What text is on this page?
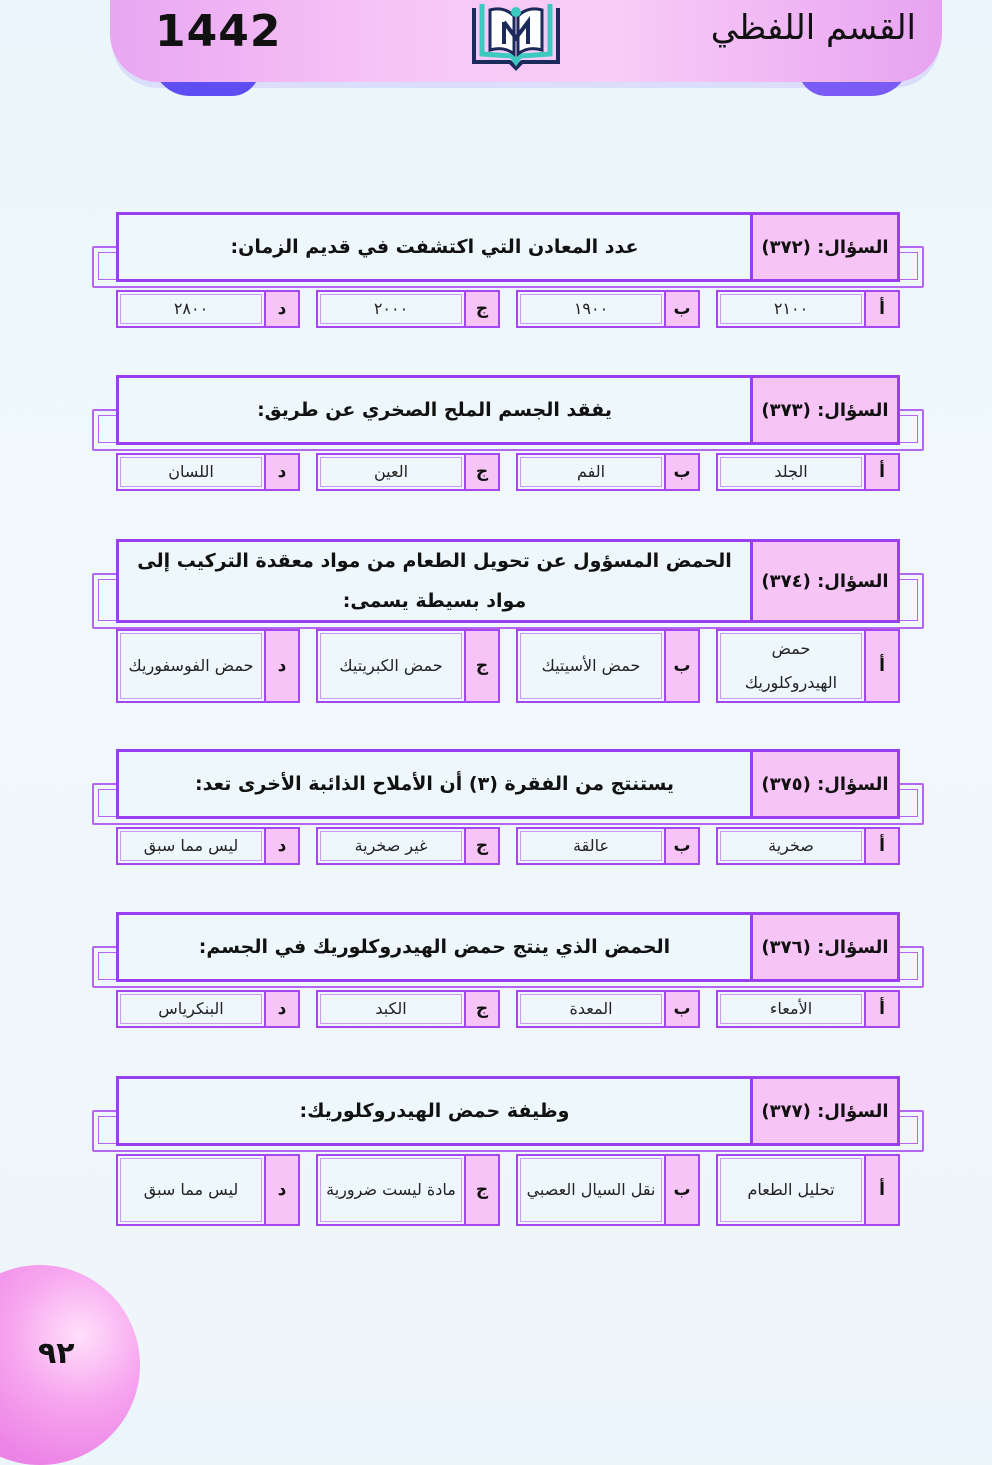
1442	القسم اللفظي
السؤال: (٣٧٢)
عدد المعادن التي اكتشفت في قديم الزمان:
أ
٢١٠٠
ب
١٩٠٠
ج
٢٠٠٠
د
٢٨٠٠
السؤال: (٣٧٣)
يفقد الجسم الملح الصخري عن طريق:
أ
الجلد
ب
الفم
ج
العين
د
اللسان
السؤال: (٣٧٤)
الحمض المسؤول عن تحويل الطعام من مواد معقدة التركيب إلى مواد بسيطة يسمى:
أ
حمض الهيدروكلوريك
ب
حمض الأسيتيك
ج
حمض الكبريتيك
د
حمض الفوسفوريك
السؤال: (٣٧٥)
يستنتج من الفقرة (٣) أن الأملاح الذائبة الأخرى تعد:
أ
صخرية
ب
عالقة
ج
غير صخرية
د
ليس مما سبق
السؤال: (٣٧٦)
الحمض الذي ينتج حمض الهيدروكلوريك في الجسم:
أ
الأمعاء
ب
المعدة
ج
الكبد
د
البنكرياس
السؤال: (٣٧٧)
وظيفة حمض الهيدروكلوريك:
أ
تحليل الطعام
ب
نقل السيال العصبي
ج
مادة ليست ضرورية
د
ليس مما سبق
٩٢
